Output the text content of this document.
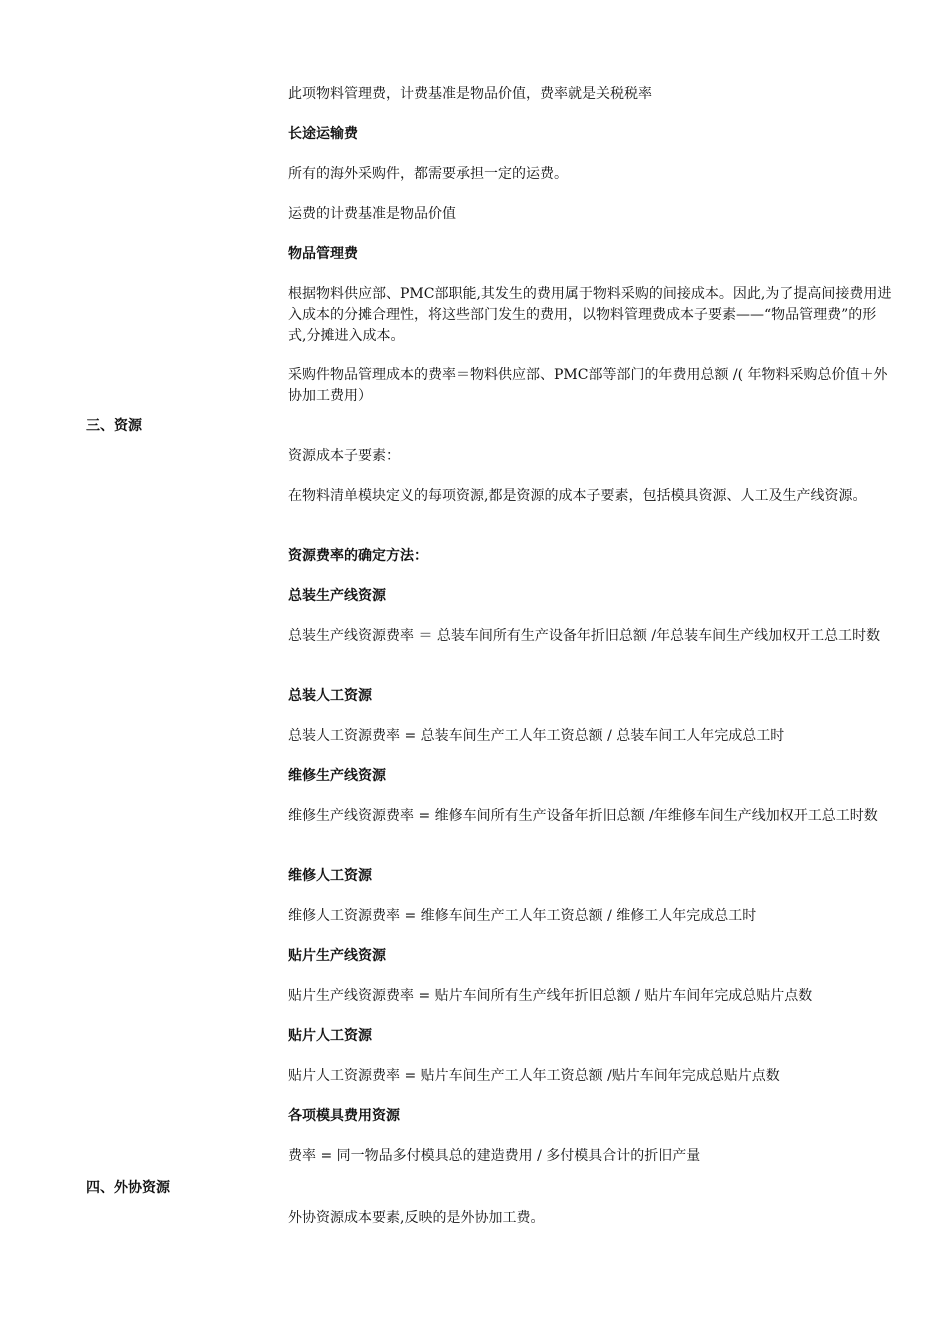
此项物料管理费，计费基准是物品价值，费率就是关税税率

长途运输费

所有的海外采购件，都需要承担一定的运费。

运费的计费基准是物品价值

物品管理费

根据物料供应部、PMC部职能,其发生的费用属于物料采购的间接成本。因此,为了提高间接费用进入成本的分摊合理性，将这些部门发生的费用，以物料管理费成本子要素——“物品管理费”的形式,分摊进入成本。

采购件物品管理成本的费率＝物料供应部、PMC部等部门的年费用总额 /( 年物料采购总价值＋外协加工费用）

三、资源

资源成本子要素：

在物料清单模块定义的每项资源,都是资源的成本子要素，包括模具资源、人工及生产线资源。

资源费率的确定方法：

总装生产线资源

总装生产线资源费率 ＝ 总装车间所有生产设备年折旧总额 /年总装车间生产线加权开工总工时数

总装人工资源

总装人工资源费率 = 总装车间生产工人年工资总额 / 总装车间工人年完成总工时

维修生产线资源

维修生产线资源费率 = 维修车间所有生产设备年折旧总额 /年维修车间生产线加权开工总工时数

维修人工资源

维修人工资源费率 = 维修车间生产工人年工资总额 / 维修工人年完成总工时

贴片生产线资源

贴片生产线资源费率 = 贴片车间所有生产线年折旧总额 / 贴片车间年完成总贴片点数

贴片人工资源

贴片人工资源费率 = 贴片车间生产工人年工资总额 /贴片车间年完成总贴片点数

各项模具费用资源

费率 = 同一物品多付模具总的建造费用 / 多付模具合计的折旧产量

四、外协资源

外协资源成本要素,反映的是外协加工费。
